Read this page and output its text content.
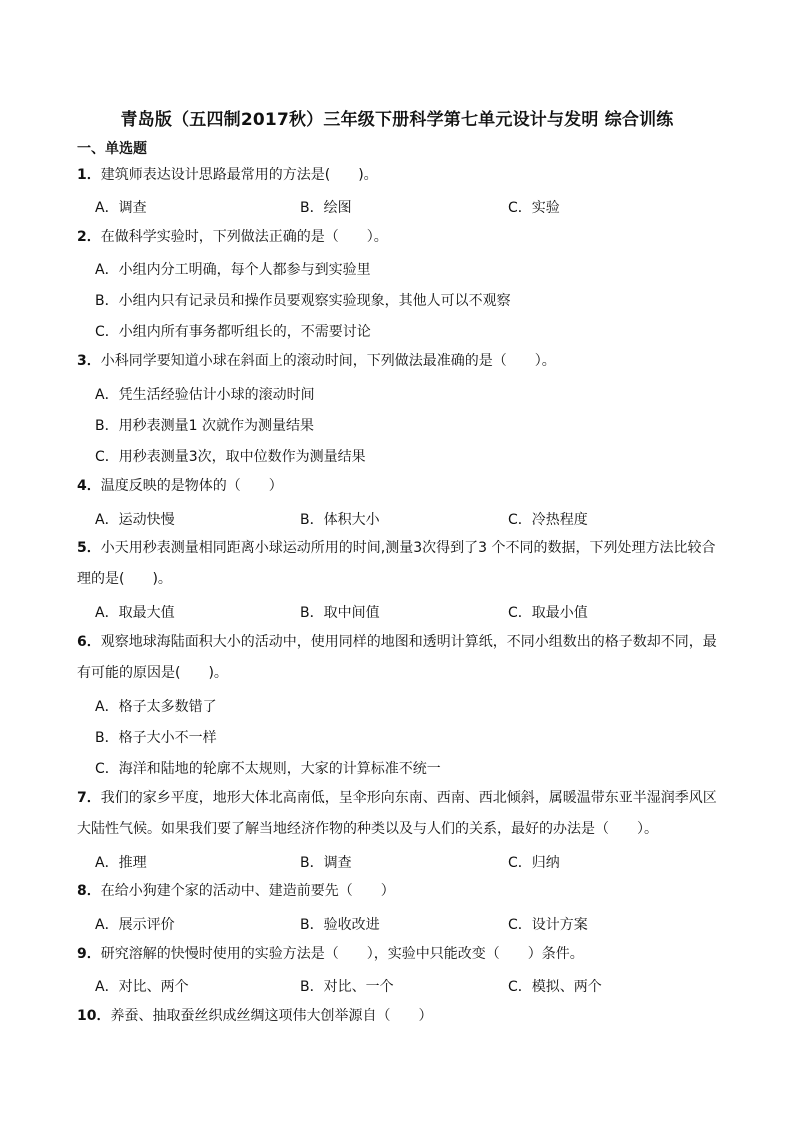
青岛版（五四制2017秋）三年级下册科学第七单元设计与发明 综合训练
一、单选题
1．建筑师表达设计思路最常用的方法是(　　)。
A．调查	B．绘图	C．实验
2．在做科学实验时，下列做法正确的是（　　）。
A．小组内分工明确，每个人都参与到实验里
B．小组内只有记录员和操作员要观察实验现象，其他人可以不观察
C．小组内所有事务都听组长的，不需要讨论
3．小科同学要知道小球在斜面上的滚动时间，下列做法最准确的是（　　）。
A．凭生活经验估计小球的滚动时间
B．用秒表测量1 次就作为测量结果
C．用秒表测量3次，取中位数作为测量结果
4．温度反映的是物体的（　　）
A．运动快慢	B．体积大小	C．冷热程度
5．小天用秒表测量相同距离小球运动所用的时间,测量3次得到了3 个不同的数据，下列处理方法比较合理的是(　　)。
A．取最大值	B．取中间值	C．取最小值
6．观察地球海陆面积大小的活动中，使用同样的地图和透明计算纸，不同小组数出的格子数却不同，最有可能的原因是(　　)。
A．格子太多数错了
B．格子大小不一样
C．海洋和陆地的轮廓不太规则，大家的计算标准不统一
7．我们的家乡平度，地形大体北高南低，呈伞形向东南、西南、西北倾斜，属暖温带东亚半湿润季风区大陆性气候。如果我们要了解当地经济作物的种类以及与人们的关系，最好的办法是（　　）。
A．推理	B．调查	C．归纳
8．在给小狗建个家的活动中、建造前要先（　　）
A．展示评价	B．验收改进	C．设计方案
9．研究溶解的快慢时使用的实验方法是（　　），实验中只能改变（　　）条件。
A．对比、两个	B．对比、一个	C．模拟、两个
10．养蚕、抽取蚕丝织成丝绸这项伟大创举源自（　　）
